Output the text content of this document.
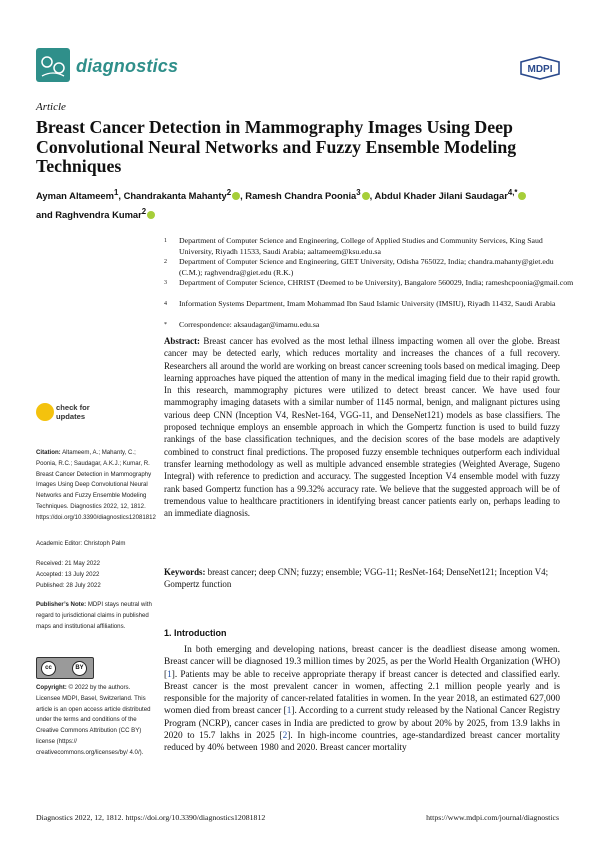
diagnostics	MDPI
Article
Breast Cancer Detection in Mammography Images Using Deep Convolutional Neural Networks and Fuzzy Ensemble Modeling Techniques
Ayman Altameem$^1$, Chandrakanta Mahanty$^2$ , Ramesh Chandra Poonia$^3$ , Abdul Khader Jilani Saudagar$^{4,*}$
and Raghvendra Kumar$^2$
1 Department of Computer Science and Engineering, College of Applied Studies and Community Services, King Saud University, Riyadh 11533, Saudi Arabia; aaltameem@ksu.edu.sa
2 Department of Computer Science and Engineering, GIET University, Odisha 765022, India; chandra.mahanty@giet.edu (C.M.); raghvendra@giet.edu (R.K.)
3 Department of Computer Science, CHRIST (Deemed to be University), Bangalore 560029, India; rameshcpoonia@gmail.com
4 Information Systems Department, Imam Mohammad Ibn Saud Islamic University (IMSIU), Riyadh 11432, Saudi Arabia
* Correspondence: aksaudagar@imamu.edu.sa
Abstract: Breast cancer has evolved as the most lethal illness impacting women all over the globe. Breast cancer may be detected early, which reduces mortality and increases the chances of a full recovery. Researchers all around the world are working on breast cancer screening tools based on medical imaging. Deep learning approaches have piqued the attention of many in the medical imaging field due to their rapid growth. In this research, mammography pictures were utilized to detect breast cancer. We have used four mammography imaging datasets with a similar number of 1145 normal, benign, and malignant pictures using various deep CNN (Inception V4, ResNet-164, VGG-11, and DenseNet121) models as base classifiers. The proposed technique employs an ensemble approach in which the Gompertz function is used to build fuzzy rankings of the base classification techniques, and the decision scores of the base models are adaptively combined to construct final predictions. The proposed fuzzy ensemble techniques outperform each individual transfer learning methodology as well as multiple advanced ensemble strategies (Weighted Average, Sugeno Integral) with reference to prediction and accuracy. The suggested Inception V4 ensemble model with fuzzy rank based Gompertz function has a 99.32% accuracy rate. We believe that the suggested approach will be of tremendous value to healthcare practitioners in identifying breast cancer patients early on, perhaps leading to an immediate diagnosis.
Keywords: breast cancer; deep CNN; fuzzy; ensemble; VGG-11; ResNet-164; DenseNet121; Inception V4; Gompertz function
check for updates
Citation: Altameem, A.; Mahanty, C.; Poonia, R.C.; Saudagar, A.K.J.; Kumar, R. Breast Cancer Detection in Mammography Images Using Deep Convolutional Neural Networks and Fuzzy Ensemble Modeling Techniques. Diagnostics 2022, 12, 1812. https://doi.org/10.3390/diagnostics12081812
Academic Editor: Christoph Palm
Received: 21 May 2022
Accepted: 13 July 2022
Published: 28 July 2022
Publisher’s Note: MDPI stays neutral with regard to jurisdictional claims in published maps and institutional affiliations.
cc	BY
Copyright: © 2022 by the authors. Licensee MDPI, Basel, Switzerland. This article is an open access article distributed under the terms and conditions of the Creative Commons Attribution (CC BY) license (https:// creativecommons.org/licenses/by/ 4.0/).
1. Introduction
In both emerging and developing nations, breast cancer is the deadliest disease among women. Breast cancer will be diagnosed 19.3 million times by 2025, as per the World Health Organization (WHO) [1]. Patients may be able to receive appropriate therapy if breast cancer is detected and classified early. Breast cancer is the most prevalent cancer in women, affecting 2.1 million people yearly and is responsible for the majority of cancer-related fatalities in women. In the year 2018, an estimated 627,000 women died from breast cancer [1]. According to a current study released by the National Cancer Registry Program (NCRP), cancer cases in India are predicted to grow by about 20% by 2025, from 13.9 lakhs in 2020 to 15.7 lakhs in 2025 [2]. In high-income countries, age-standardized breast cancer mortality reduced by 40% between 1980 and 2020. Breast cancer mortality
Diagnostics 2022, 12, 1812. https://doi.org/10.3390/diagnostics12081812	https://www.mdpi.com/journal/diagnostics
